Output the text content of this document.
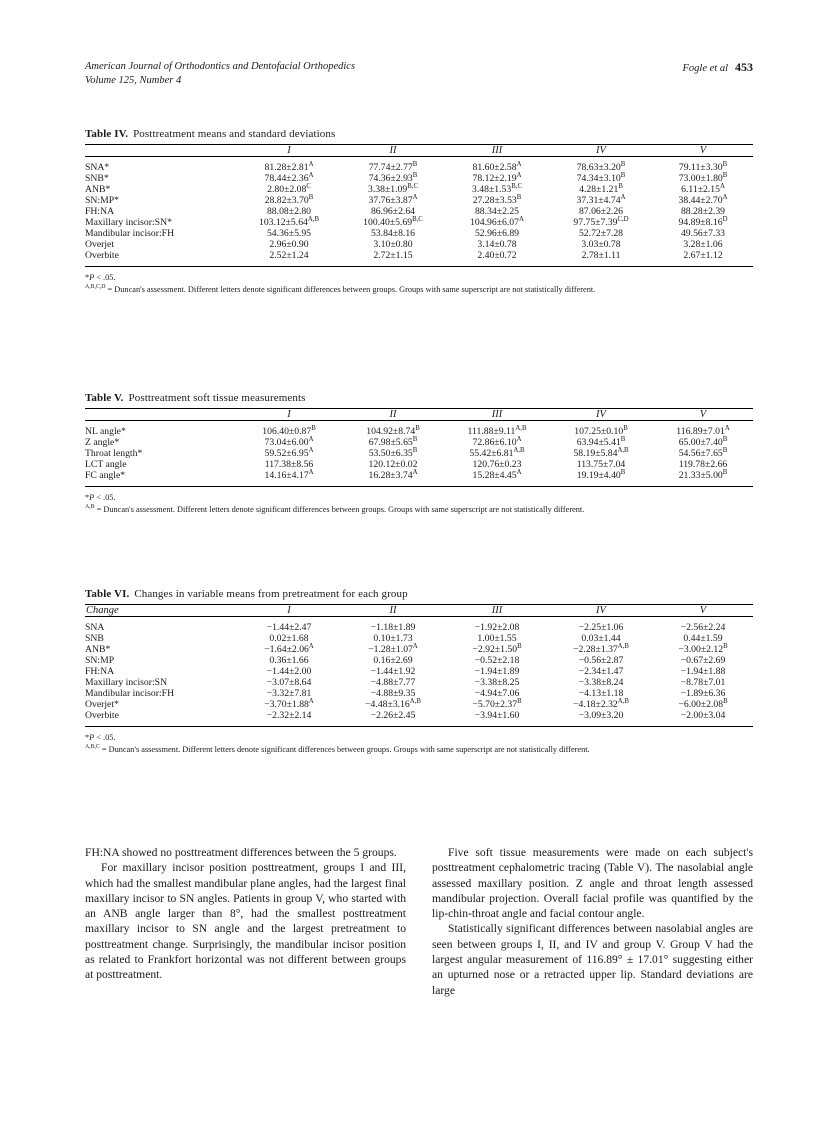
American Journal of Orthodontics and Dentofacial Orthopedics
Volume 125, Number 4
Fogle et al 453
Table IV. Posttreatment means and standard deviations
	I	II	III	IV	V

SNA*	$81.28\pm 2.81^A$	$77.74\pm 2.77^B$	$81.60\pm 2.58^A$	$78.63\pm 3.20^B$	$79.11\pm 3.30^B$
SNB*	$78.44\pm 2.36^A$	$74.36\pm 2.93^B$	$78.12\pm 2.19^A$	$74.34\pm 3.10^B$	$73.00\pm 1.80^B$
ANB*	$2.80\pm 2.08^C$	$3.38\pm 1.09^{B,C}$	$3.48\pm 1.53^{B,C}$	$4.28\pm 1.21^B$	$6.11\pm 2.15^A$
SN:MP*	$28.82\pm 3.70^B$	$37.76\pm 3.87^A$	$27.28\pm 3.53^B$	$37.31\pm 4.74^A$	$38.44\pm 2.70^A$
FH:NA	88.08±2.80	86.96±2.64	88.34±2.25	87.06±2.26	88.28±2.39
Maxillary incisor:SN*	$103.12\pm 5.64^{A,B}$	$100.40\pm 5.69^{B,C}$	$104.96\pm 6.07^A$	$97.75\pm 7.39^{C,D}$	$94.89\pm 8.16^D$
Mandibular incisor:FH	54.36±5.95	53.84±8.16	52.96±6.89	52.72±7.28	49.56±7.33
Overjet	2.96±0.90	3.10±0.80	3.14±0.78	3.03±0.78	3.28±1.06
Overbite	2.52±1.24	2.72±1.15	2.40±0.72	2.78±1.11	2.67±1.12

*P < .05.
$^{A,B,C,D}$ = Duncan's assessment. Different letters denote significant differences between groups. Groups with same superscript are not statistically different.
Table V. Posttreatment soft tissue measurements
	I	II	III	IV	V

NL angle*	$106.40\pm 0.87^B$	$104.92\pm 8.74^B$	$111.88\pm 9.11^{A,B}$	$107.25\pm 0.10^B$	$116.89\pm 7.01^A$
Z angle*	$73.04\pm 6.00^A$	$67.98\pm 5.65^B$	$72.86\pm 6.10^A$	$63.94\pm 5.41^B$	$65.00\pm 7.40^B$
Throat length*	$59.52\pm 6.95^A$	$53.50\pm 6.35^B$	$55.42\pm 6.81^{A,B}$	$58.19\pm 5.84^{A,B}$	$54.56\pm 7.65^B$
LCT angle	117.38±8.56	120.12±0.02	120.76±0.23	113.75±7.04	119.78±2.66
FC angle*	$14.16\pm 4.17^A$	$16.28\pm 3.74^A$	$15.28\pm 4.45^A$	$19.19\pm 4.40^B$	$21.33\pm 5.00^B$

*P < .05.
$^{A,B}$ = Duncan's assessment. Different letters denote significant differences between groups. Groups with same superscript are not statistically different.
Table VI. Changes in variable means from pretreatment for each group
Change	I	II	III	IV	V

SNA	−1.44±2.47	−1.18±1.89	−1.92±2.08	−2.25±1.06	−2.56±2.24
SNB	0.02±1.68	0.10±1.73	1.00±1.55	0.03±1.44	0.44±1.59
ANB*	$-1.64\pm 2.06^A$	$-1.28\pm 1.07^A$	$-2.92\pm 1.50^B$	$-2.28\pm 1.37^{A,B}$	$-3.00\pm 2.12^B$
SN:MP	0.36±1.66	0.16±2.69	−0.52±2.18	−0.56±2.87	−0.67±2.69
FH:NA	−1.44±2.00	−1.44±1.92	−1.94±1.89	−2.34±1.47	−1.94±1.88
Maxillary incisor:SN	−3.07±8.64	−4.88±7.77	−3.38±8.25	−3.38±8.24	−8.78±7.01
Mandibular incisor:FH	−3.32±7.81	−4.88±9.35	−4.94±7.06	−4.13±1.18	−1.89±6.36
Overjet*	$-3.70\pm 1.88^A$	$-4.48\pm 3.16^{A,B}$	$-5.70\pm 2.37^B$	$-4.18\pm 2.32^{A,B}$	$-6.00\pm 2.08^B$
Overbite	−2.32±2.14	−2.26±2.45	−3.94±1.60	−3.09±3.20	−2.00±3.04

*P < .05.
$^{A,B,C}$ = Duncan's assessment. Different letters denote significant differences between groups. Groups with same superscript are not statistically different.

FH:NA showed no posttreatment differences between the 5 groups.

For maxillary incisor position posttreatment, groups I and III, which had the smallest mandibular plane angles, had the largest final maxillary incisor to SN angles. Patients in group V, who started with an ANB angle larger than 8°, had the smallest posttreatment maxillary incisor to SN angle and the largest pretreatment to posttreatment change. Surprisingly, the mandibular incisor position as related to Frankfort horizontal was not different between groups at posttreatment.

Five soft tissue measurements were made on each subject's posttreatment cephalometric tracing (Table V). The nasolabial angle assessed maxillary position. Z angle and throat length assessed mandibular projection. Overall facial profile was quantified by the lip-chin-throat angle and facial contour angle.

Statistically significant differences between nasolabial angles are seen between groups I, II, and IV and group V. Group V had the largest angular measurement of 116.89° ± 17.01° suggesting either an upturned nose or a retracted upper lip. Standard deviations are large
